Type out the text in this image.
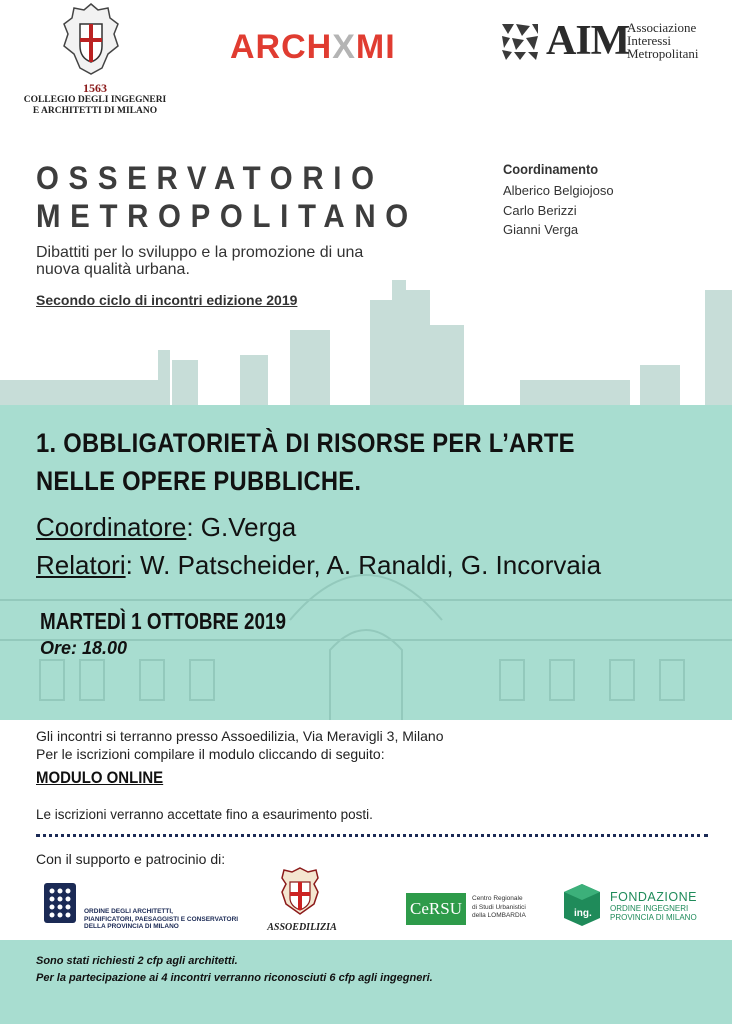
1563
COLLEGIO DEGLI INGEGNERI
E ARCHITETTI DI MILANO
ARCHXMI	AIM
Associazione
Interessi
Metropolitani
OSSERVATORIO
METROPOLITANO
Dibattiti per lo sviluppo e la promozione di una nuova qualità urbana.
Secondo ciclo di incontri edizione 2019
Coordinamento
Alberico Belgiojoso
Carlo Berizzi
Gianni Verga
1. OBBLIGATORIETÀ DI RISORSE PER L’ARTE NELLE OPERE PUBBLICHE.
Coordinatore: G.Verga
Relatori: W. Patscheider, A. Ranaldi, G. Incorvaia
MARTEDÌ 1 OTTOBRE 2019
Ore: 18.00
Gli incontri si terranno presso Assoedilizia, Via Meravigli 3, Milano
Per le iscrizioni compilare il modulo cliccando di seguito:
MODULO ONLINE
Le iscrizioni verranno accettate fino a esaurimento posti.
Con il supporto e patrocinio di:
ORDINE DEGLI ARCHITETTI,
PIANIFICATORI, PAESAGGISTI E CONSERVATORI
DELLA PROVINCIA DI MILANO	ASSOEDILIZIA
CeRSU
Centro Regionale
di Studi Urbanistici
della LOMBARDIA	ing.
FONDAZIONE
ORDINE INGEGNERI
PROVINCIA DI MILANO
Sono stati richiesti 2 cfp agli architetti.
Per la partecipazione ai 4 incontri verranno riconosciuti 6 cfp agli ingegneri.
